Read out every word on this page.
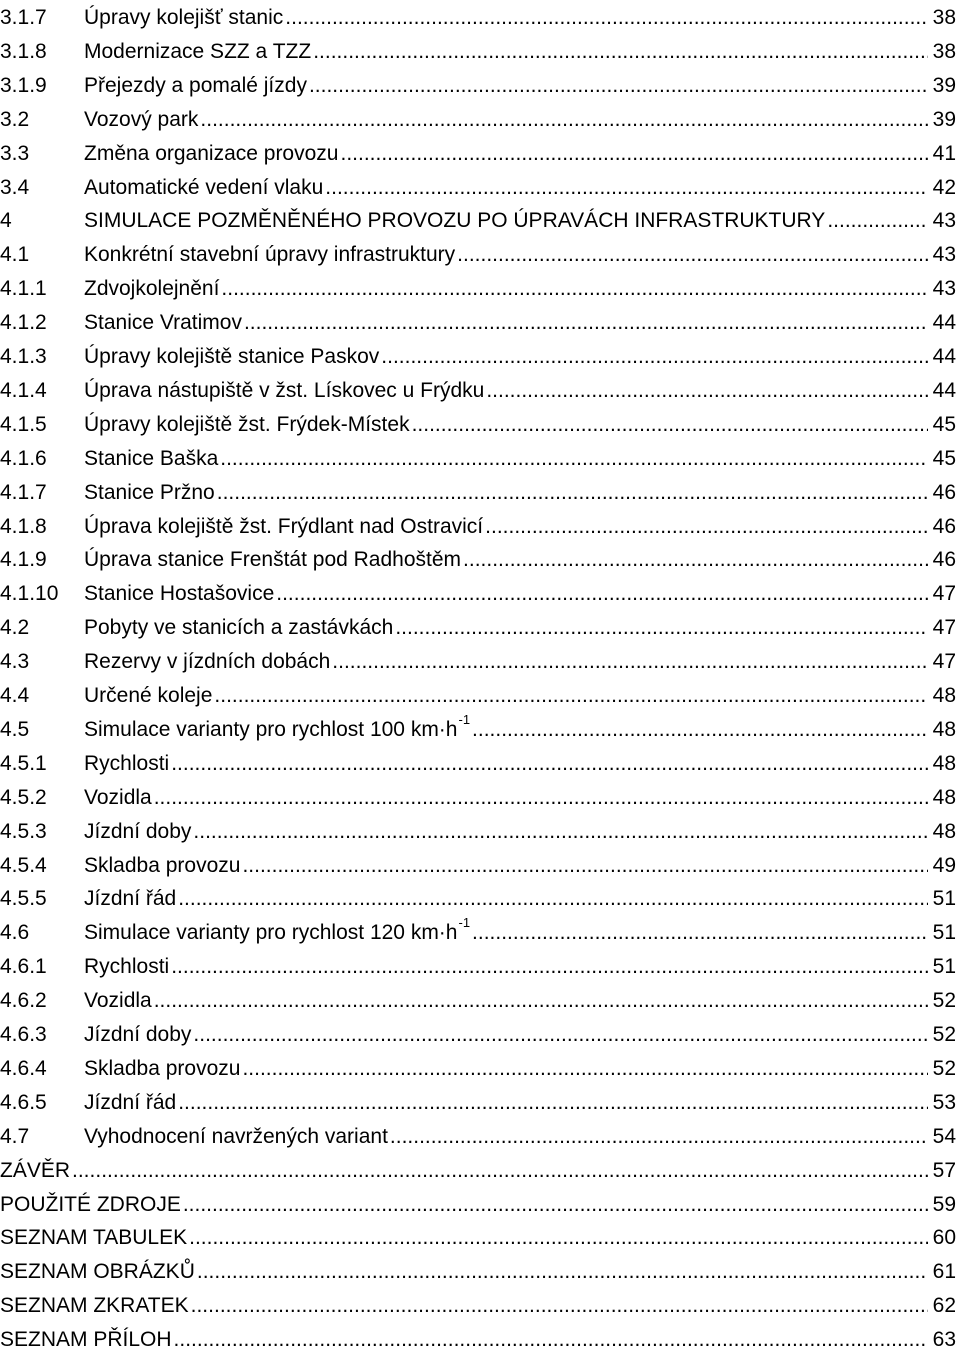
3.1.7	Úpravy kolejišť stanic .....	38
3.1.8	Modernizace SZZ a TZZ .....	38
3.1.9	Přejezdy a pomalé jízdy .....	39
3.2	Vozový park .....	39
3.3	Změna organizace provozu .....	41
3.4	Automatické vedení vlaku .....	42
4	SIMULACE POZMĚNĚNÉHO PROVOZU PO ÚPRAVÁCH INFRASTRUKTURY .....	43
4.1	Konkrétní stavební úpravy infrastruktury .....	43
4.1.1	Zdvojkolejnění .....	43
4.1.2	Stanice Vratimov .....	44
4.1.3	Úpravy kolejiště stanice Paskov .....	44
4.1.4	Úprava nástupiště v žst. Lískovec u Frýdku .....	44
4.1.5	Úpravy kolejiště žst. Frýdek-Místek .....	45
4.1.6	Stanice Baška .....	45
4.1.7	Stanice Pržno .....	46
4.1.8	Úprava kolejiště žst. Frýdlant nad Ostravicí .....	46
4.1.9	Úprava stanice Frenštát pod Radhoštěm .....	46
4.1.10	Stanice Hostašovice .....	47
4.2	Pobyty ve stanicích a zastávkách .....	47
4.3	Rezervy v jízdních dobách .....	47
4.4	Určené koleje .....	48
4.5	Simulace varianty pro rychlost 100 km·h -1 .....	48
4.5.1	Rychlosti .....	48
4.5.2	Vozidla .....	48
4.5.3	Jízdní doby .....	48
4.5.4	Skladba provozu .....	49
4.5.5	Jízdní řád .....	51
4.6	Simulace varianty pro rychlost 120 km·h -1 .....	51
4.6.1	Rychlosti .....	51
4.6.2	Vozidla .....	52
4.6.3	Jízdní doby .....	52
4.6.4	Skladba provozu .....	52
4.6.5	Jízdní řád .....	53
4.7	Vyhodnocení navržených variant .....	54
ZÁVĚR .....	57
POUŽITÉ ZDROJE .....	59
SEZNAM TABULEK .....	60
SEZNAM OBRÁZKŮ .....	61
SEZNAM ZKRATEK .....	62
SEZNAM PŘÍLOH .....	63
